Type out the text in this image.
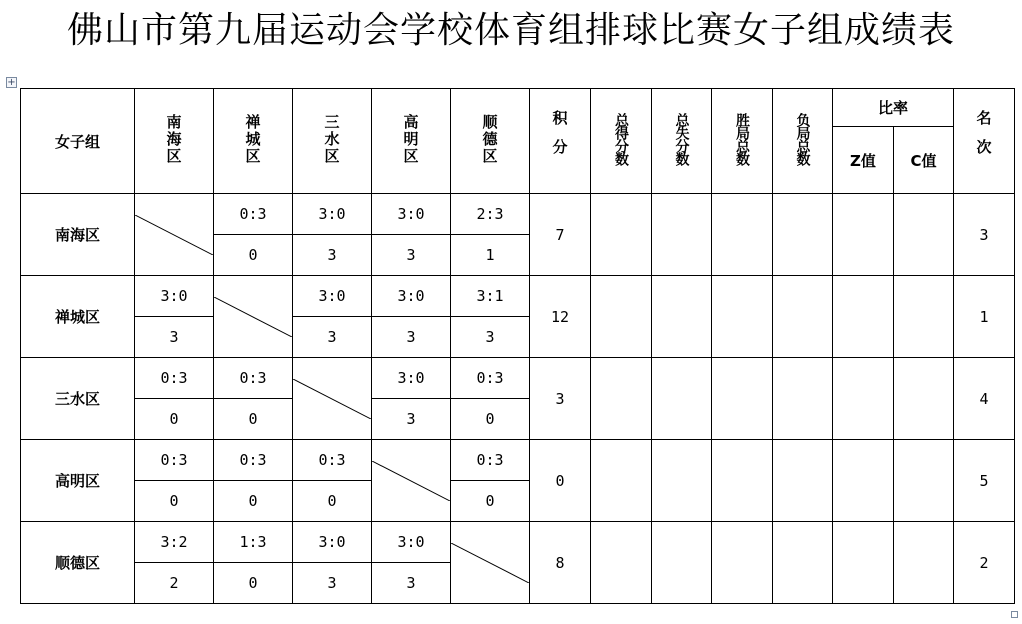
佛山市第九届运动会学校体育组排球比赛女子组成绩表
+
女子组	南海区	禅城区	三水区	高明区	顺德区	积分	总得分数	总失分数	胜局总数	负局总数	比率		名次
											Z值	C值	
南海区		0:3	3:0	3:0	2:3	7							3
		0	3	3	1								
禅城区	3:0		3:0	3:0	3:1	12							1
	3		3	3	3								
三水区	0:3	0:3		3:0	0:3	3							4
	0	0		3	0								
高明区	0:3	0:3	0:3		0:3	0							5
	0	0	0		0								
顺德区	3:2	1:3	3:0	3:0		8							2
	2	0	3	3									
